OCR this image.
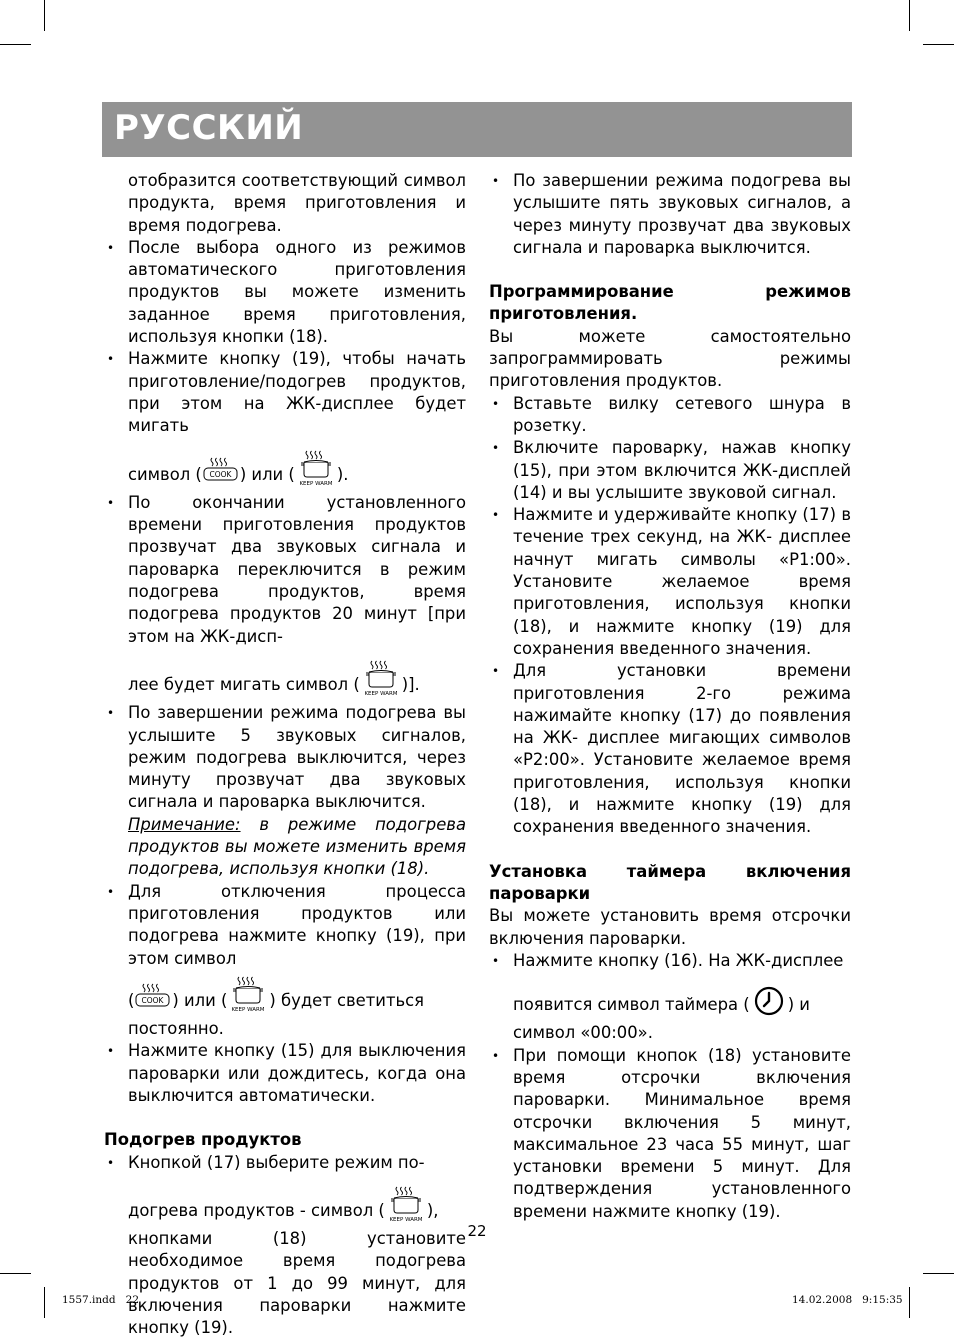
РУССКИЙ

отобразится соответствующий символ продукта, время приготовления и время подогрева.

• После выбора одного из режимов автоматического приготовления продуктов вы можете изменить заданное время приготовления, используя кнопки (18).

• Нажмите кнопку (19), чтобы начать приготовление/подогрев продуктов, при этом на ЖК-дисплее будет мигать
символ ( COOK ) или ( KEEP WARM ).
• По окончании установленного времени приготовления продуктов прозвучат два звуковых сигнала и пароварка переключится в режим подогрева продуктов, время подогрева продуктов 20 минут [при этом на ЖК-дисп-
лее будет мигать символ ( KEEP WARM )].

• По завершении режима подогрева вы услышите 5 звуковых сигналов, режим подогрева выключится, через минуту прозвучат два звуковых сигнала и пароварка выключится.

Примечание: в режиме подогрева продуктов вы можете изменить время подогрева, используя кнопки (18).

• Для отключения процесса приготовления продуктов или подогрева нажмите кнопку (19), при этом символ
( COOK ) или ( KEEP WARM ) будет светиться
постоянно.

• Нажмите кнопку (15) для выключения пароварки или дождитесь, когда она выключится автоматически.

Подогрев продуктов

• Кнопкой (17) выберите режим по-
догрева продуктов - символ ( KEEP WARM ),
кнопками (18) установите необходимое время подогрева продуктов от 1 до 99 минут, для включения пароварки нажмите кнопку (19).

• По завершении режима подогрева вы услышите пять звуковых сигналов, а через минуту прозвучат два звуковых сигнала и пароварка выключится.

Программирование режимов приготовления.

Вы можете самостоятельно запрограммировать режимы приготовления продуктов.

• Вставьте вилку сетевого шнура в розетку.

• Включите пароварку, нажав кнопку (15), при этом включится ЖК-дисплей (14) и вы услышите звуковой сигнал.

• Нажмите и удерживайте кнопку (17) в течение трех секунд, на ЖК- дисплее начнут мигать символы «P1:00». Установите желаемое время приготовления, используя кнопки (18), и нажмите кнопку (19) для сохранения введенного значения.

• Для установки времени приготовления 2-го режима нажимайте кнопку (17) до появления на ЖК- дисплее мигающих символов «P2:00». Установите желаемое время приготовления, используя кнопки (18), и нажмите кнопку (19) для сохранения введенного значения.

Установка таймера включения пароварки

Вы можете установить время отсрочки включения пароварки.

• Нажмите кнопку (16). На ЖК-дисплее
появится символ таймера ( ) и
символ «00:00».

• При помощи кнопок (18) установите время отсрочки включения пароварки. Минимальное время отсрочки включения 5 минут, максимальное 23 часа 55 минут, шаг установки времени 5 минут. Для подтверждения установленного времени нажмите кнопку (19).

22
1557.indd   22	14.02.2008   9:15:35
